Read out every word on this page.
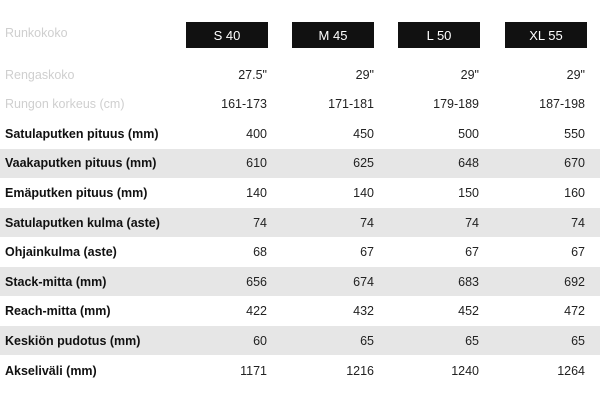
Runkokoko	S 40	M 45	L 50	XL 55
Rengaskoko	27.5"	29"	29"	29"
Rungon korkeus (cm)	161-173	171-181	179-189	187-198
Satulaputken pituus (mm)	400	450	500	550
Vaakaputken pituus (mm)	610	625	648	670
Emäputken pituus (mm)	140	140	150	160
Satulaputken kulma (aste)	74	74	74	74
Ohjainkulma (aste)	68	67	67	67
Stack-mitta (mm)	656	674	683	692
Reach-mitta (mm)	422	432	452	472
Keskiön pudotus (mm)	60	65	65	65
Akseliväli (mm)	1171	1216	1240	1264
